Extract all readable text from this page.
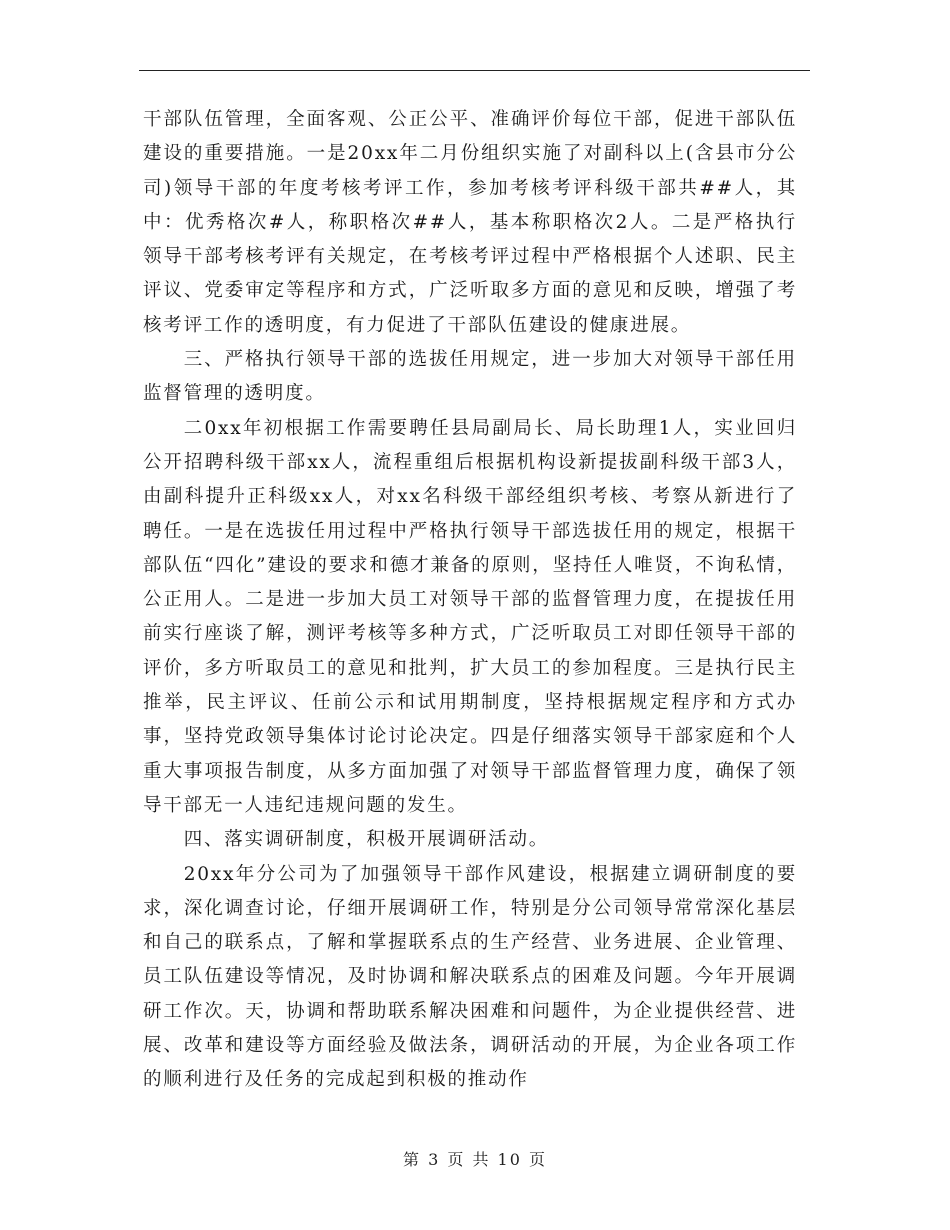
干部队伍管理，全面客观、公正公平、准确评价每位干部，促进干部队伍建设的重要措施。一是20xx年二月份组织实施了对副科以上(含县市分公司)领导干部的年度考核考评工作，参加考核考评科级干部共##人，其中：优秀格次#人，称职格次##人，基本称职格次2人。二是严格执行领导干部考核考评有关规定，在考核考评过程中严格根据个人述职、民主评议、党委审定等程序和方式，广泛听取多方面的意见和反映，增强了考核考评工作的透明度，有力促进了干部队伍建设的健康进展。

三、严格执行领导干部的选拔任用规定，进一步加大对领导干部任用监督管理的透明度。

二0xx年初根据工作需要聘任县局副局长、局长助理1人，实业回归公开招聘科级干部xx人，流程重组后根据机构设新提拔副科级干部3人，由副科提升正科级xx人，对xx名科级干部经组织考核、考察从新进行了聘任。一是在选拔任用过程中严格执行领导干部选拔任用的规定，根据干部队伍“四化”建设的要求和德才兼备的原则，坚持任人唯贤，不询私情，公正用人。二是进一步加大员工对领导干部的监督管理力度，在提拔任用前实行座谈了解，测评考核等多种方式，广泛听取员工对即任领导干部的评价，多方听取员工的意见和批判，扩大员工的参加程度。三是执行民主推举，民主评议、任前公示和试用期制度，坚持根据规定程序和方式办事，坚持党政领导集体讨论讨论决定。四是仔细落实领导干部家庭和个人重大事项报告制度，从多方面加强了对领导干部监督管理力度，确保了领导干部无一人违纪违规问题的发生。

四、落实调研制度，积极开展调研活动。

20xx年分公司为了加强领导干部作风建设，根据建立调研制度的要求，深化调查讨论，仔细开展调研工作，特别是分公司领导常常深化基层和自己的联系点，了解和掌握联系点的生产经营、业务进展、企业管理、员工队伍建设等情况，及时协调和解决联系点的困难及问题。今年开展调研工作次。天，协调和帮助联系解决困难和问题件，为企业提供经营、进展、改革和建设等方面经验及做法条，调研活动的开展，为企业各项工作的顺利进行及任务的完成起到积极的推动作

第 3 页 共 10 页
